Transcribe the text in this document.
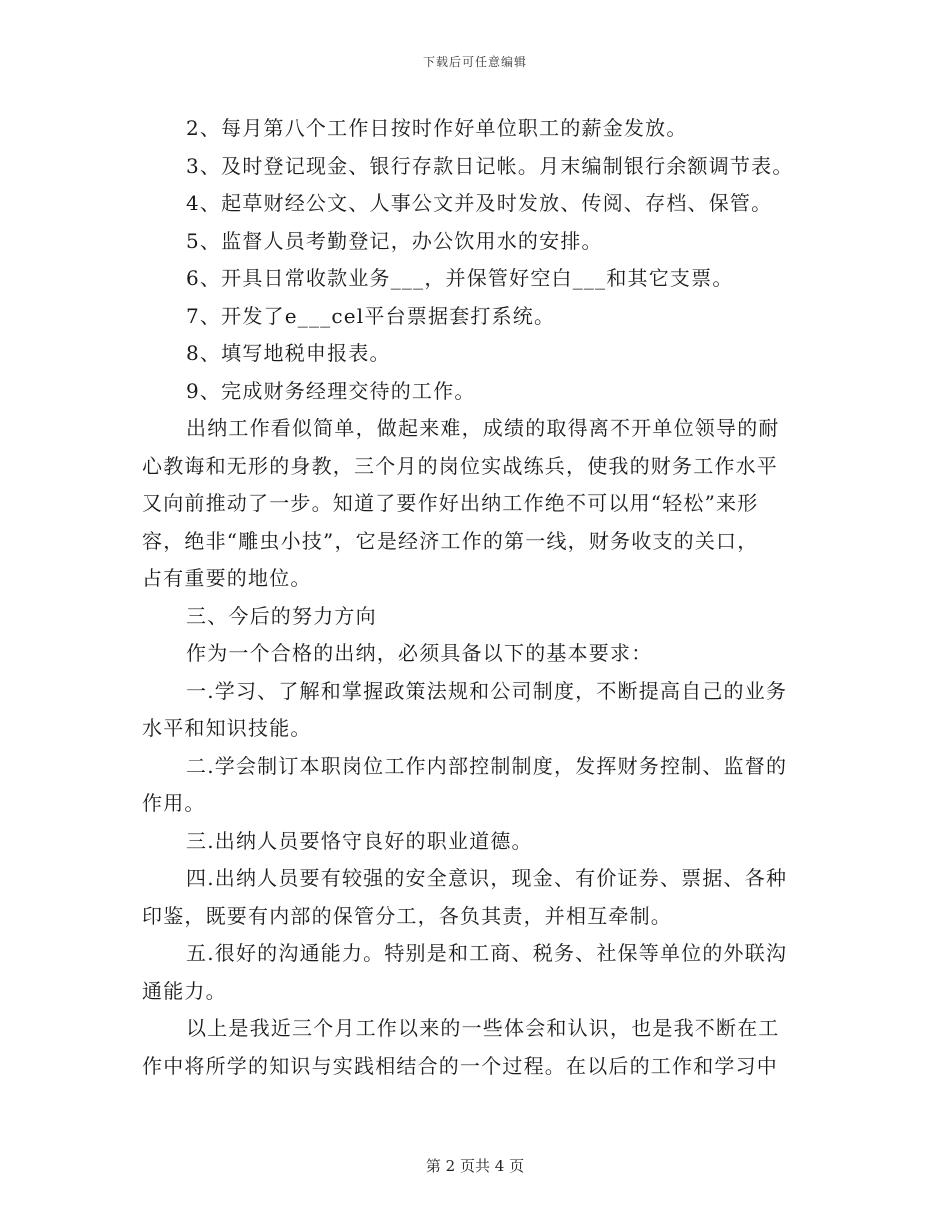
下载后可任意编辑
2、每月第八个工作日按时作好单位职工的薪金发放。
3、及时登记现金、银行存款日记帐。月末编制银行余额调节表。
4、起草财经公文、人事公文并及时发放、传阅、存档、保管。
5、监督人员考勤登记，办公饮用水的安排。
6、开具日常收款业务___，并保管好空白___和其它支票。
7、开发了e___cel平台票据套打系统。
8、填写地税申报表。
9、完成财务经理交待的工作。
出纳工作看似简单，做起来难，成绩的取得离不开单位领导的耐
心教诲和无形的身教，三个月的岗位实战练兵，使我的财务工作水平
又向前推动了一步。知道了要作好出纳工作绝不可以用“轻松”来形
容，绝非“雕虫小技”，它是经济工作的第一线，财务收支的关口，
占有重要的地位。
三、今后的努力方向
作为一个合格的出纳，必须具备以下的基本要求：
一.学习、了解和掌握政策法规和公司制度，不断提高自己的业务
水平和知识技能。
二.学会制订本职岗位工作内部控制制度，发挥财务控制、监督的
作用。
三.出纳人员要恪守良好的职业道德。
四.出纳人员要有较强的安全意识，现金、有价证券、票据、各种
印鉴，既要有内部的保管分工，各负其责，并相互牵制。
五.很好的沟通能力。特别是和工商、税务、社保等单位的外联沟
通能力。
以上是我近三个月工作以来的一些体会和认识，也是我不断在工
作中将所学的知识与实践相结合的一个过程。在以后的工作和学习中
第 2 页共 4 页
